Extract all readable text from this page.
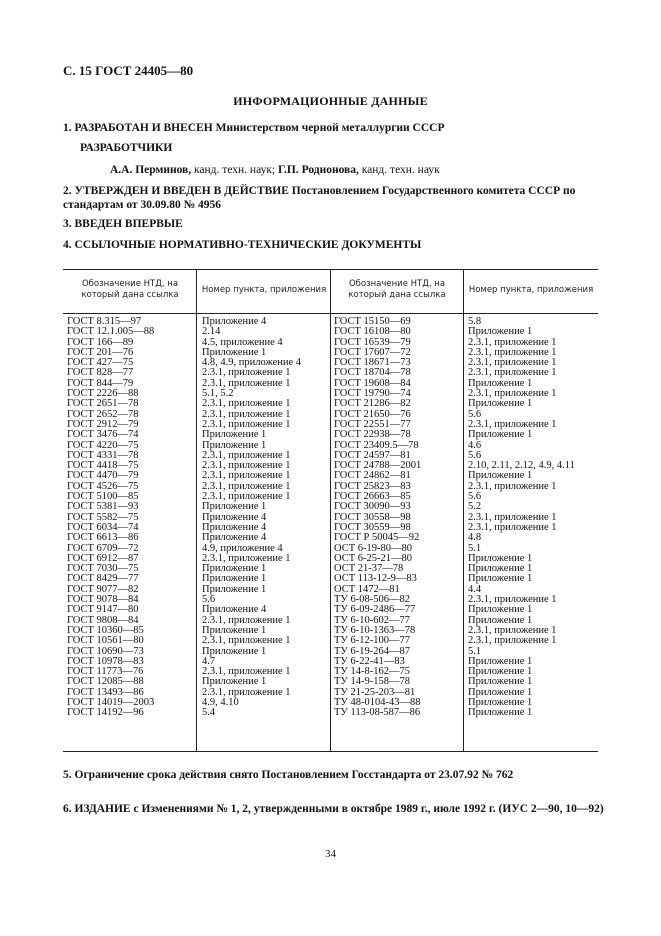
С. 15 ГОСТ 24405—80
ИНФОРМАЦИОННЫЕ ДАННЫЕ
1. РАЗРАБОТАН И ВНЕСЕН Министерством черной металлургии СССР
РАЗРАБОТЧИКИ
А.А. Перминов, канд. техн. наук; Г.П. Родионова, канд. техн. наук
2. УТВЕРЖДЕН И ВВЕДЕН В ДЕЙСТВИЕ Постановлением Государственного комитета СССР по стандартам от 30.09.80 № 4956
3. ВВЕДЕН ВПЕРВЫЕ
4. ССЫЛОЧНЫЕ НОРМАТИВНО-ТЕХНИЧЕСКИЕ ДОКУМЕНТЫ
Обозначение НТД, на который дана ссылка	Номер пункта, приложения
Обозначение НТД, на который дана ссылка	Номер пункта, приложения
ГОСТ 8.315—97
ГОСТ 12.1.005—88
ГОСТ 166—89
ГОСТ 201—76
ГОСТ 427—75
ГОСТ 828—77
ГОСТ 844—79
ГОСТ 2226—88
ГОСТ 2651—78
ГОСТ 2652—78
ГОСТ 2912—79
ГОСТ 3476—74
ГОСТ 4220—75
ГОСТ 4331—78
ГОСТ 4418—75
ГОСТ 4470—79
ГОСТ 4526—75
ГОСТ 5100—85
ГОСТ 5381—93
ГОСТ 5582—75
ГОСТ 6034—74
ГОСТ 6613—86
ГОСТ 6709—72
ГОСТ 6912—87
ГОСТ 7030—75
ГОСТ 8429—77
ГОСТ 9077—82
ГОСТ 9078—84
ГОСТ 9147—80
ГОСТ 9808—84
ГОСТ 10360—85
ГОСТ 10561—80
ГОСТ 10690—73
ГОСТ 10978—83
ГОСТ 11773—76
ГОСТ 12085—88
ГОСТ 13493—86
ГОСТ 14019—2003
ГОСТ 14192—96
Приложение 4
2.14
4.5, приложение 4
Приложение 1
4.8, 4.9, приложение 4
2.3.1, приложение 1
2.3.1, приложение 1
5.1, 5.2
2.3.1, приложение 1
2.3.1, приложение 1
2.3.1, приложение 1
Приложение 1
Приложение 1
2.3.1, приложение 1
2.3.1, приложение 1
2.3.1, приложение 1
2.3.1, приложение 1
2.3.1, приложение 1
Приложение 1
Приложение 4
Приложение 4
Приложение 4
4.9, приложение 4
2.3.1, приложение 1
Приложение 1
Приложение 1
Приложение 1
5.6
Приложение 4
2.3.1, приложение 1
Приложение 1
2.3.1, приложение 1
Приложение 1
4.7
2.3.1, приложение 1
Приложение 1
2.3.1, приложение 1
4.9, 4.10
5.4
ГОСТ 15150—69
ГОСТ 16108—80
ГОСТ 16539—79
ГОСТ 17607—72
ГОСТ 18671—73
ГОСТ 18704—78
ГОСТ 19608—84
ГОСТ 19790—74
ГОСТ 21286—82
ГОСТ 21650—76
ГОСТ 22551—77
ГОСТ 22938—78
ГОСТ 23409.5—78
ГОСТ 24597—81
ГОСТ 24788—2001
ГОСТ 24862—81
ГОСТ 25823—83
ГОСТ 26663—85
ГОСТ 30090—93
ГОСТ 30558—98
ГОСТ 30559—98
ГОСТ Р 50045—92
ОСТ 6-19-80—80
ОСТ 6-25-21—80
ОСТ 21-37—78
ОСТ 113-12-9—83
ОСТ 1472—81
ТУ 6-08-506—82
ТУ 6-09-2486—77
ТУ 6-10-602—77
ТУ 6-10-1363—78
ТУ 6-12-100—77
ТУ 6-19-264—87
ТУ 6-22-41—83
ТУ 14-8-162—75
ТУ 14-9-158—78
ТУ 21-25-203—81
ТУ 48-0104-43—88
ТУ 113-08-587—86
5.8
Приложение 1
2.3.1, приложение 1
2.3.1, приложение 1
2.3.1, приложение 1
2.3.1, приложение 1
Приложение 1
2.3.1, приложение 1
Приложение 1
5.6
2.3.1, приложение 1
Приложение 1
4.6
5.6
2.10, 2.11, 2.12, 4.9, 4.11
Приложение 1
2.3.1, приложение 1
5.6
5.2
2.3.1, приложение 1
2.3.1, приложение 1
4.8
5.1
Приложение 1
Приложение 1
Приложение 1
4.4
2.3.1, приложение 1
Приложение 1
Приложение 1
2.3.1, приложение 1
2.3.1, приложение 1
5.1
Приложение 1
Приложение 1
Приложение 1
Приложение 1
Приложение 1
Приложение 1
5. Ограничение срока действия снято Постановлением Госстандарта от 23.07.92 № 762
6. ИЗДАНИЕ с Изменениями № 1, 2, утвержденными в октябре 1989 г., июле 1992 г. (ИУС 2—90, 10—92)
34
